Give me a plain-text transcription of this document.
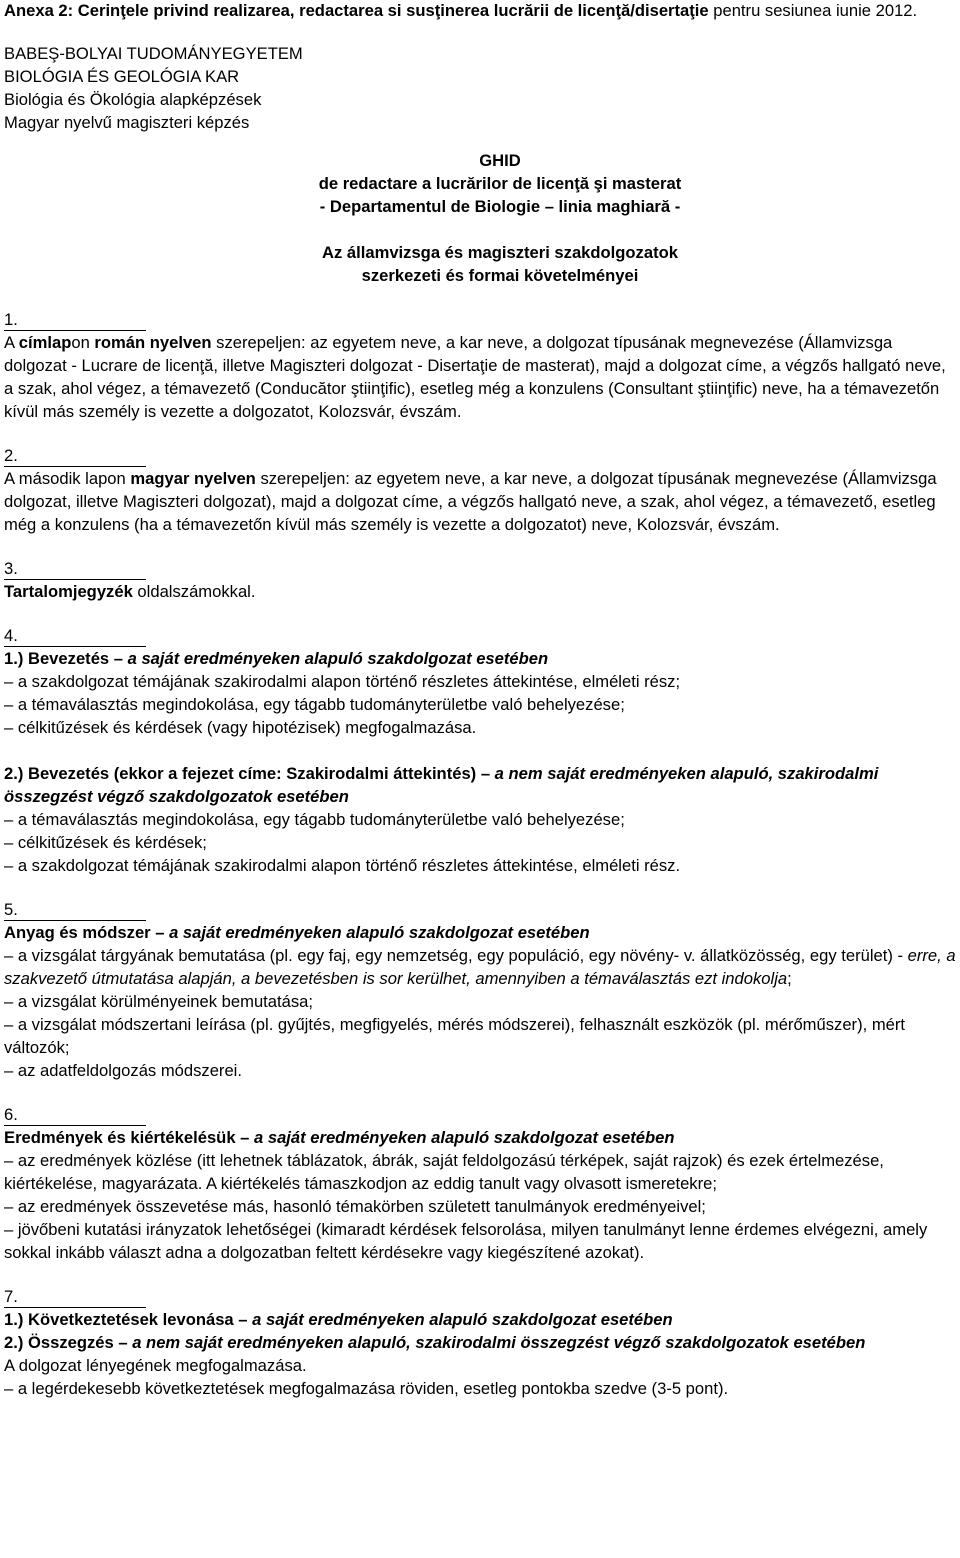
Anexa 2: Cerinţele privind realizarea, redactarea si susţinerea lucrării de licenţă/disertaţie pentru sesiunea iunie 2012.

BABEŞ-BOLYAI TUDOMÁNYEGYETEM
BIOLÓGIA ÉS GEOLÓGIA KAR
Biológia és Ökológia alapképzések
Magyar nyelvű magiszteri képzés
GHID
de redactare a lucrărilor de licenţă şi masterat
- Departamentul de Biologie – linia maghiară -
Az államvizsga és magiszteri szakdolgozatok
szerkezeti és formai követelményei
1.

A címlapon román nyelven szerepeljen: az egyetem neve, a kar neve, a dolgozat típusának megnevezése (Államvizsga dolgozat - Lucrare de licenţă, illetve Magiszteri dolgozat - Disertaţie de masterat), majd a dolgozat címe, a végzős hallgató neve, a szak, ahol végez, a témavezető (Conducător ştiinţific), esetleg még a konzulens (Consultant ştiinţific) neve, ha a témavezetőn kívül más személy is vezette a dolgozatot, Kolozsvár, évszám.

2.

A második lapon magyar nyelven szerepeljen: az egyetem neve, a kar neve, a dolgozat típusának megnevezése (Államvizsga dolgozat, illetve Magiszteri dolgozat), majd a dolgozat címe, a végzős hallgató neve, a szak, ahol végez, a témavezető, esetleg még a konzulens (ha a témavezetőn kívül más személy is vezette a dolgozatot) neve, Kolozsvár, évszám.

3.

Tartalomjegyzék oldalszámokkal.

4.

1.) Bevezetés – a saját eredményeken alapuló szakdolgozat esetében

– a szakdolgozat témájának szakirodalmi alapon történő részletes áttekintése, elméleti rész;

– a témaválasztás megindokolása, egy tágabb tudományterületbe való behelyezése;

– célkitűzések és kérdések (vagy hipotézisek) megfogalmazása.

2.) Bevezetés (ekkor a fejezet címe: Szakirodalmi áttekintés) – a nem saját eredményeken alapuló, szakirodalmi összegzést végző szakdolgozatok esetében

– a témaválasztás megindokolása, egy tágabb tudományterületbe való behelyezése;

– célkitűzések és kérdések;

– a szakdolgozat témájának szakirodalmi alapon történő részletes áttekintése, elméleti rész.

5.

Anyag és módszer – a saját eredményeken alapuló szakdolgozat esetében

– a vizsgálat tárgyának bemutatása (pl. egy faj, egy nemzetség, egy populáció, egy növény- v. állatközösség, egy terület) - erre, a szakvezető útmutatása alapján, a bevezetésben is sor kerülhet, amennyiben a témaválasztás ezt indokolja;

– a vizsgálat körülményeinek bemutatása;

– a vizsgálat módszertani leírása (pl. gyűjtés, megfigyelés, mérés módszerei), felhasznált eszközök (pl. mérőműszer), mért változók;

– az adatfeldolgozás módszerei.

6.

Eredmények és kiértékelésük – a saját eredményeken alapuló szakdolgozat esetében

– az eredmények közlése (itt lehetnek táblázatok, ábrák, saját feldolgozású térképek, saját rajzok) és ezek értelmezése, kiértékelése, magyarázata. A kiértékelés támaszkodjon az eddig tanult vagy olvasott ismeretekre;

– az eredmények összevetése más, hasonló témakörben született tanulmányok eredményeivel;

– jövőbeni kutatási irányzatok lehetőségei (kimaradt kérdések felsorolása, milyen tanulmányt lenne érdemes elvégezni, amely sokkal inkább választ adna a dolgozatban feltett kérdésekre vagy kiegészítené azokat).

7.

1.) Következtetések levonása – a saját eredményeken alapuló szakdolgozat esetében

2.) Összegzés – a nem saját eredményeken alapuló, szakirodalmi összegzést végző szakdolgozatok esetében

A dolgozat lényegének megfogalmazása.

– a legérdekesebb következtetések megfogalmazása röviden, esetleg pontokba szedve (3-5 pont).
